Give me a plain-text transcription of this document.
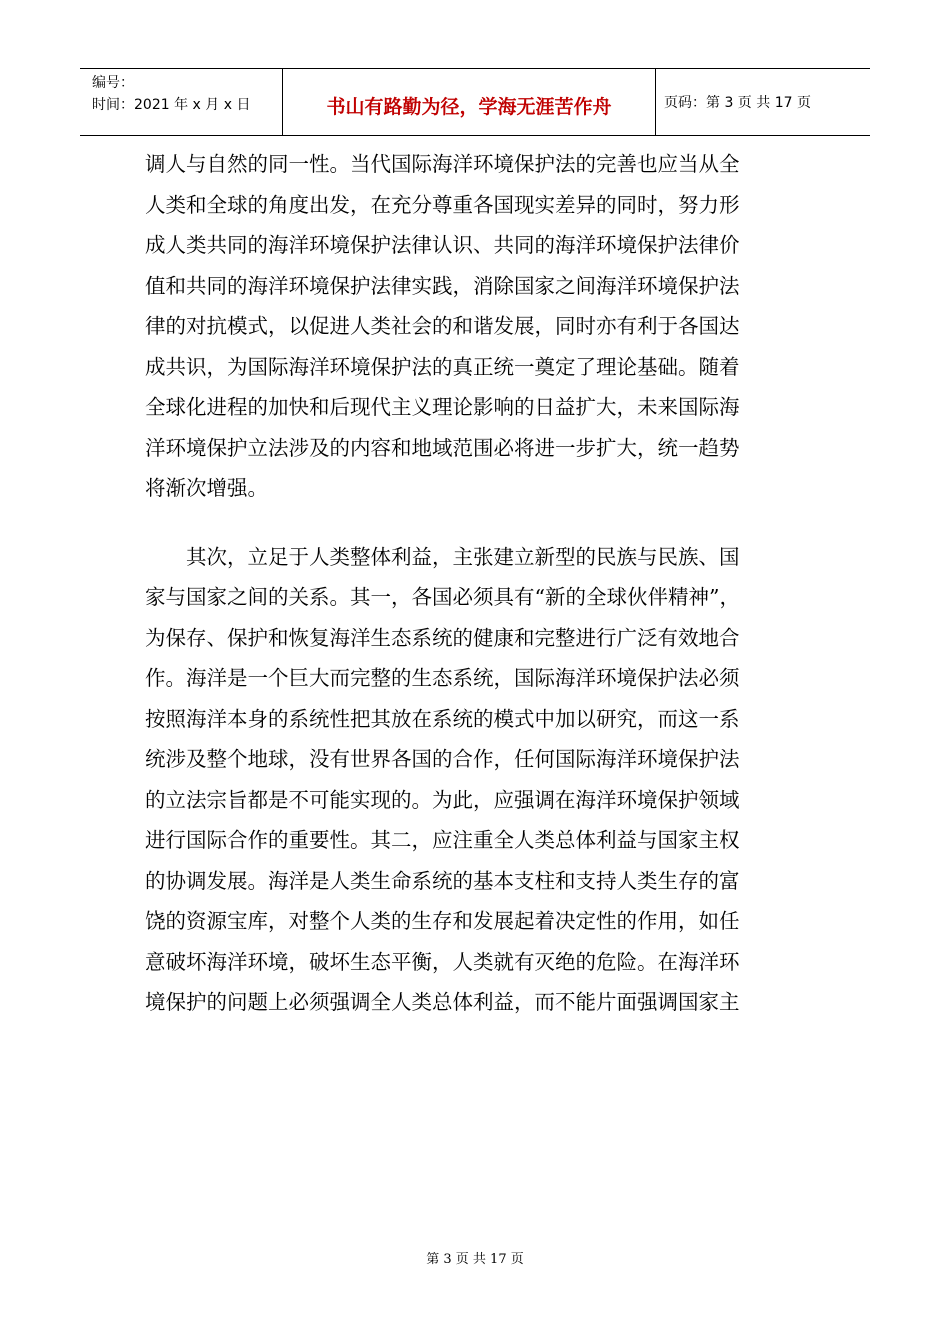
编号：
时间：2021 年 x 月 x 日	书山有路勤为径，学海无涯苦作舟	页码：第 3 页 共 17 页
调人与自然的同一性。当代国际海洋环境保护法的完善也应当从全
人类和全球的角度出发，在充分尊重各国现实差异的同时，努力形
成人类共同的海洋环境保护法律认识、共同的海洋环境保护法律价
值和共同的海洋环境保护法律实践，消除国家之间海洋环境保护法
律的对抗模式，以促进人类社会的和谐发展，同时亦有利于各国达
成共识，为国际海洋环境保护法的真正统一奠定了理论基础。随着
全球化进程的加快和后现代主义理论影响的日益扩大，未来国际海
洋环境保护立法涉及的内容和地域范围必将进一步扩大，统一趋势
将渐次增强。
　　其次，立足于人类整体利益，主张建立新型的民族与民族、国
家与国家之间的关系。其一，各国必须具有“新的全球伙伴精神”，
为保存、保护和恢复海洋生态系统的健康和完整进行广泛有效地合
作。海洋是一个巨大而完整的生态系统，国际海洋环境保护法必须
按照海洋本身的系统性把其放在系统的模式中加以研究，而这一系
统涉及整个地球，没有世界各国的合作，任何国际海洋环境保护法
的立法宗旨都是不可能实现的。为此，应强调在海洋环境保护领域
进行国际合作的重要性。其二，应注重全人类总体利益与国家主权
的协调发展。海洋是人类生命系统的基本支柱和支持人类生存的富
饶的资源宝库，对整个人类的生存和发展起着决定性的作用，如任
意破坏海洋环境，破坏生态平衡，人类就有灭绝的危险。在海洋环
境保护的问题上必须强调全人类总体利益，而不能片面强调国家主
第 3 页 共 17 页
